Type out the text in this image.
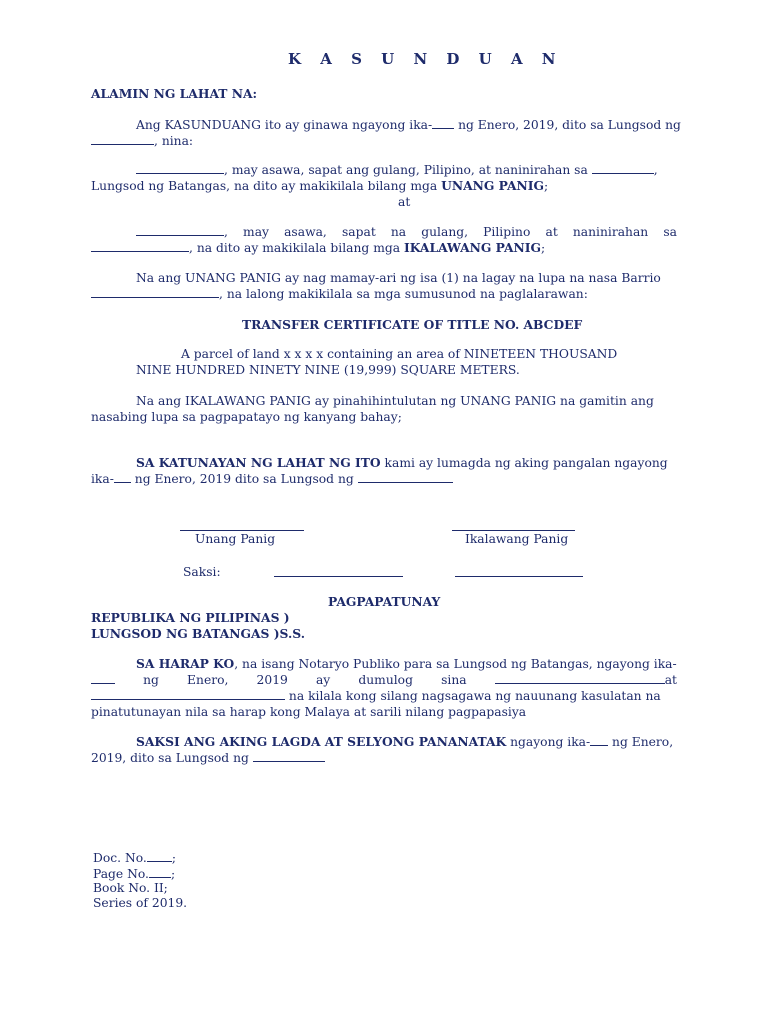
K A S U N D U A N
ALAMIN NG LAHAT NA:
Ang KASUNDUANG ito ay ginawa ngayong ika- ng Enero, 2019, dito sa Lungsod ng
, nina:
, may asawa, sapat ang gulang, Pilipino, at naninirahan sa	,
Lungsod ng Batangas, na dito ay makikilala bilang mga UNANG PANIG;
at
, may asawa, sapat na gulang, Pilipino at naninirahan sa
, na dito ay makikilala bilang mga IKALAWANG PANIG;
Na ang UNANG PANIG ay nag mamay-ari ng isa (1) na lagay na lupa na nasa Barrio
, na lalong makikilala sa mga sumusunod na paglalarawan:
TRANSFER CERTIFICATE OF TITLE NO. ABCDEF
A parcel of land x x x x containing an area of NINETEEN THOUSAND
NINE HUNDRED NINETY NINE (19,999) SQUARE METERS.
Na ang IKALAWANG PANIG ay pinahihintulutan ng UNANG PANIG na gamitin ang
nasabing lupa sa pagpapatayo ng kanyang bahay;
SA KATUNAYAN NG LAHAT NG ITO kami ay lumagda ng aking pangalan ngayong
ika- ng Enero, 2019 dito sa Lungsod ng
Unang Panig	Ikalawang Panig
Saksi:
PAGPAPATUNAY
REPUBLIKA NG PILIPINAS )
LUNGSOD NG BATANGAS )S.S.
SA HARAP KO, na isang Notaryo Publiko para sa Lungsod ng Batangas, ngayong ika-
ng Enero, 2019 ay dumulog sina	at
na kilala kong silang nagsagawa ng nauunang kasulatan na
pinatutunayan nila sa harap kong Malaya at sarili nilang pagpapasiya
SAKSI ANG AKING LAGDA AT SELYONG PANANATAK ngayong ika- ng Enero,
2019, dito sa Lungsod ng
Doc. No. ;
Page No. ;
Book No. II;
Series of 2019.
